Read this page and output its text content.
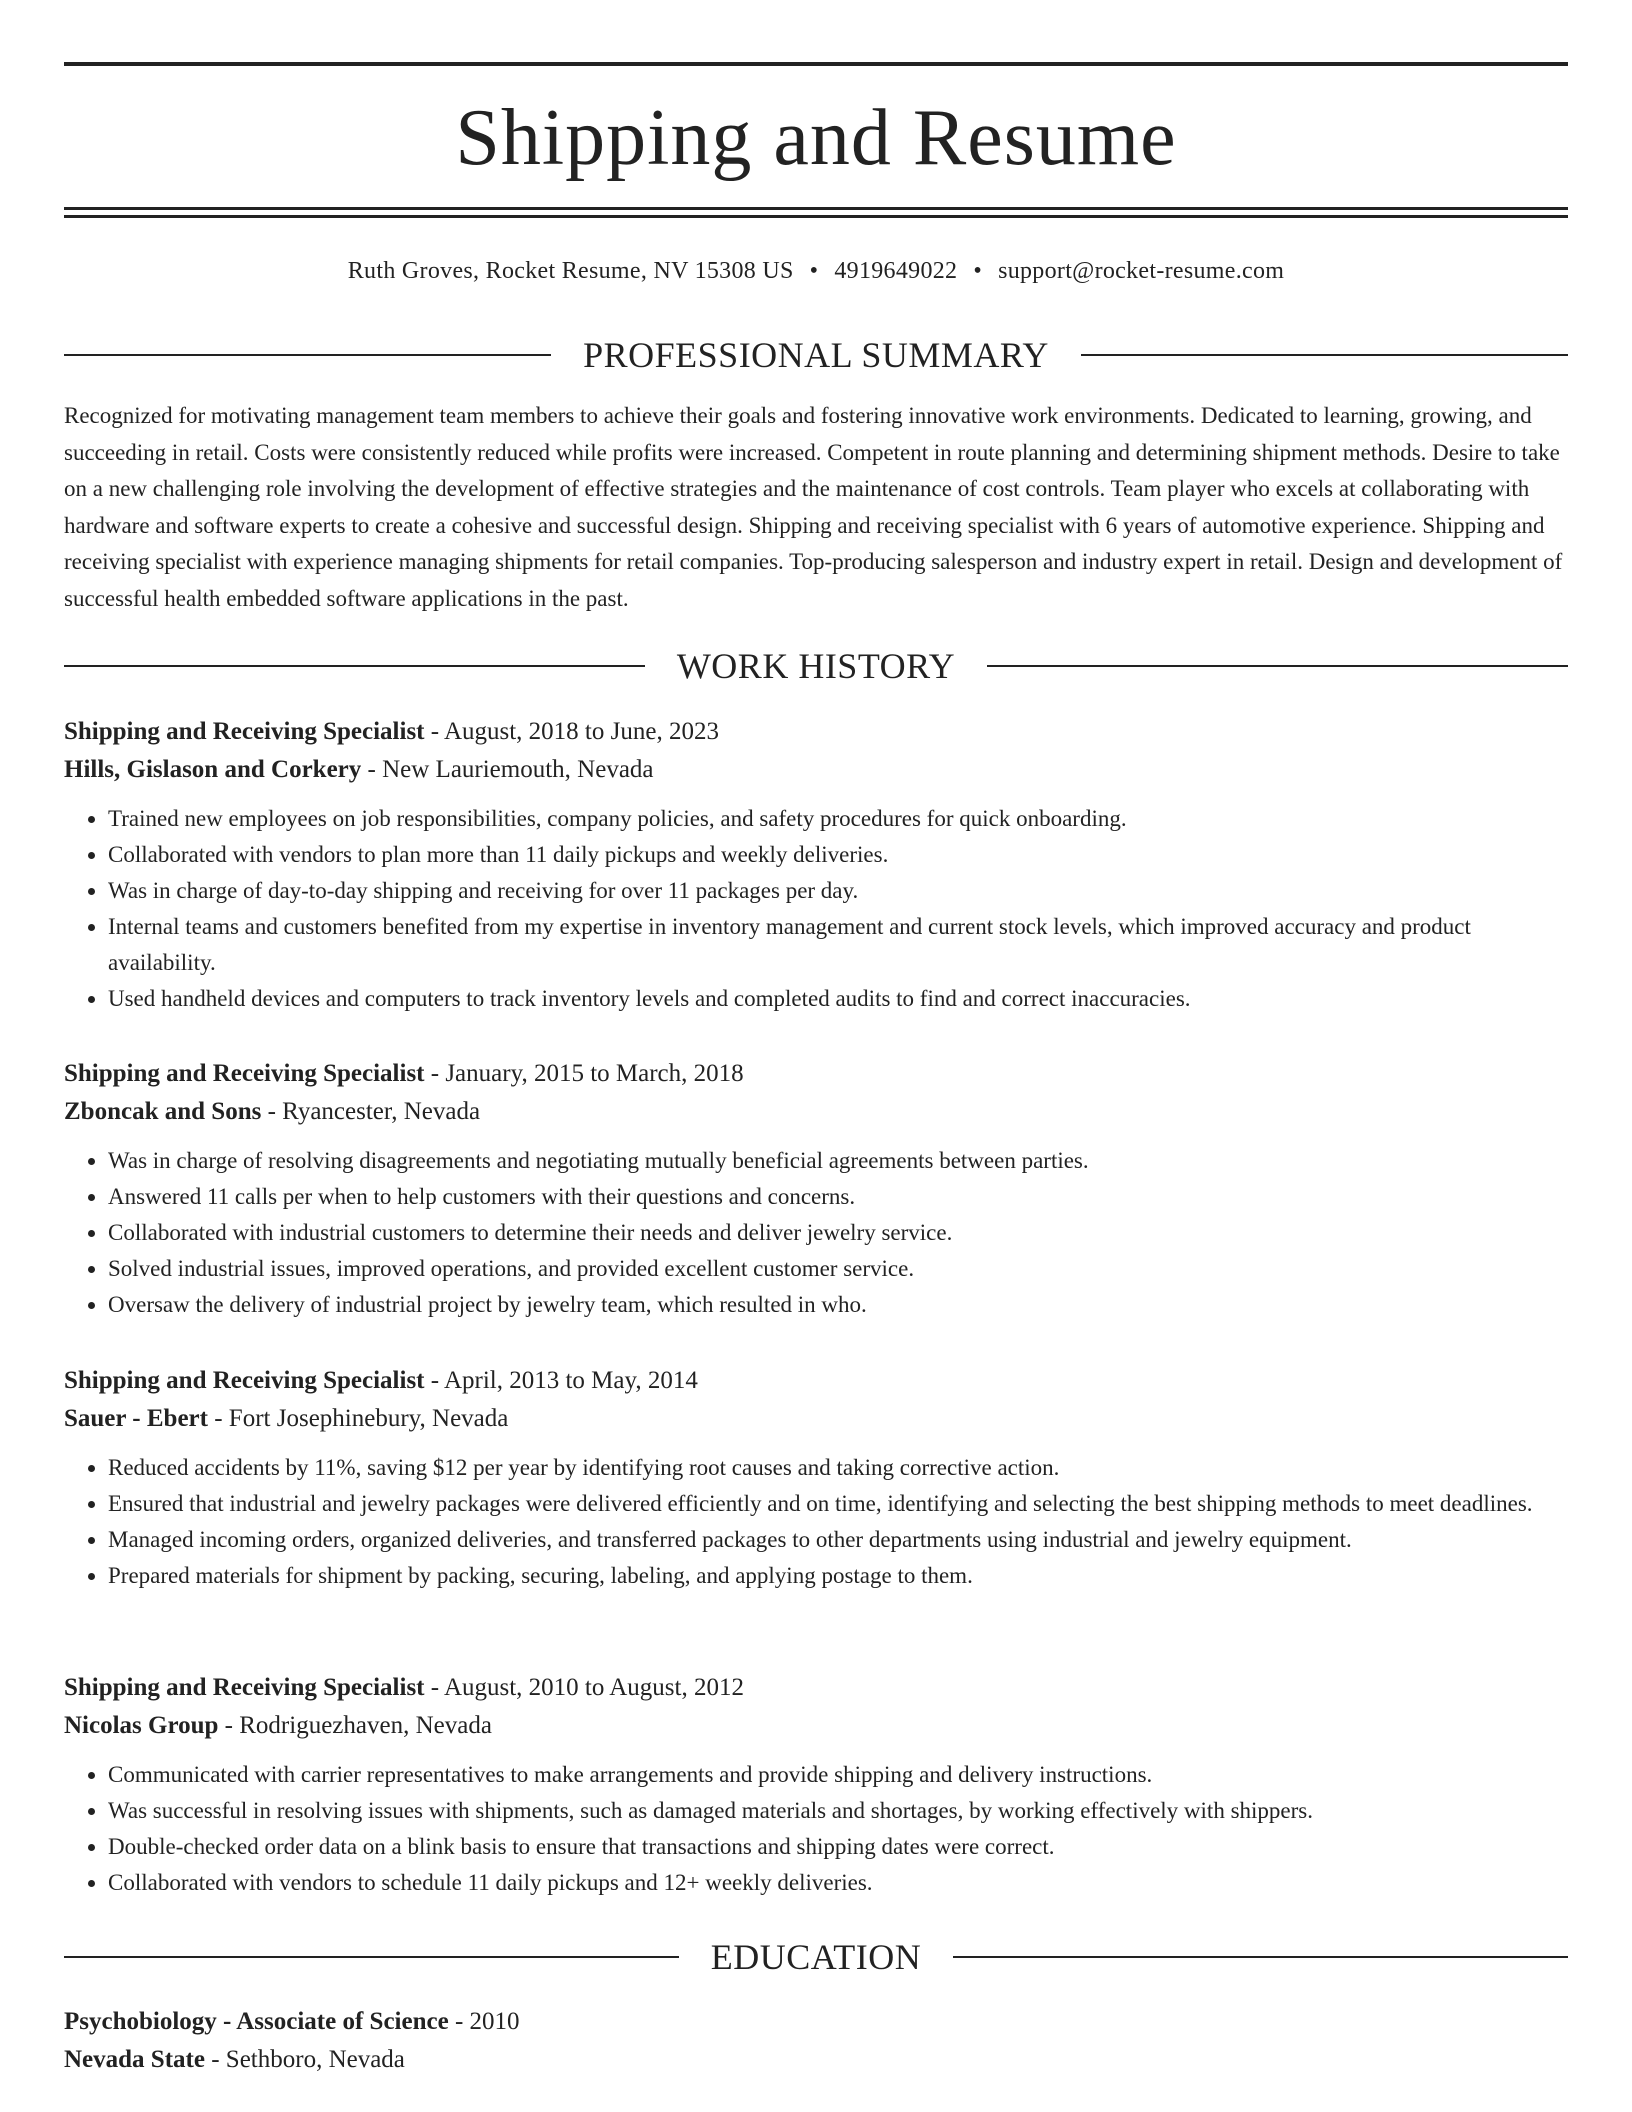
Shipping and Resume
Ruth Groves, Rocket Resume, NV 15308 US • 4919649022 • support@rocket-resume.com
PROFESSIONAL SUMMARY

Recognized for motivating management team members to achieve their goals and fostering innovative work environments. Dedicated to learning, growing, and succeeding in retail. Costs were consistently reduced while profits were increased. Competent in route planning and determining shipment methods. Desire to take on a new challenging role involving the development of effective strategies and the maintenance of cost controls. Team player who excels at collaborating with hardware and software experts to create a cohesive and successful design. Shipping and receiving specialist with 6 years of automotive experience. Shipping and receiving specialist with experience managing shipments for retail companies. Top-producing salesperson and industry expert in retail. Design and development of successful health embedded software applications in the past.

WORK HISTORY
Shipping and Receiving Specialist - August, 2018 to June, 2023
Hills, Gislason and Corkery - New Lauriemouth, Nevada
• Trained new employees on job responsibilities, company policies, and safety procedures for quick onboarding.
• Collaborated with vendors to plan more than 11 daily pickups and weekly deliveries.
• Was in charge of day-to-day shipping and receiving for over 11 packages per day.
• Internal teams and customers benefited from my expertise in inventory management and current stock levels, which improved accuracy and product availability.
• Used handheld devices and computers to track inventory levels and completed audits to find and correct inaccuracies.
Shipping and Receiving Specialist - January, 2015 to March, 2018
Zboncak and Sons - Ryancester, Nevada
• Was in charge of resolving disagreements and negotiating mutually beneficial agreements between parties.
• Answered 11 calls per when to help customers with their questions and concerns.
• Collaborated with industrial customers to determine their needs and deliver jewelry service.
• Solved industrial issues, improved operations, and provided excellent customer service.
• Oversaw the delivery of industrial project by jewelry team, which resulted in who.
Shipping and Receiving Specialist - April, 2013 to May, 2014
Sauer - Ebert - Fort Josephinebury, Nevada
• Reduced accidents by 11%, saving $12 per year by identifying root causes and taking corrective action.
• Ensured that industrial and jewelry packages were delivered efficiently and on time, identifying and selecting the best shipping methods to meet deadlines.
• Managed incoming orders, organized deliveries, and transferred packages to other departments using industrial and jewelry equipment.
• Prepared materials for shipment by packing, securing, labeling, and applying postage to them.
Shipping and Receiving Specialist - August, 2010 to August, 2012
Nicolas Group - Rodriguezhaven, Nevada
• Communicated with carrier representatives to make arrangements and provide shipping and delivery instructions.
• Was successful in resolving issues with shipments, such as damaged materials and shortages, by working effectively with shippers.
• Double-checked order data on a blink basis to ensure that transactions and shipping dates were correct.
• Collaborated with vendors to schedule 11 daily pickups and 12+ weekly deliveries.
EDUCATION
Psychobiology - Associate of Science - 2010
Nevada State - Sethboro, Nevada
